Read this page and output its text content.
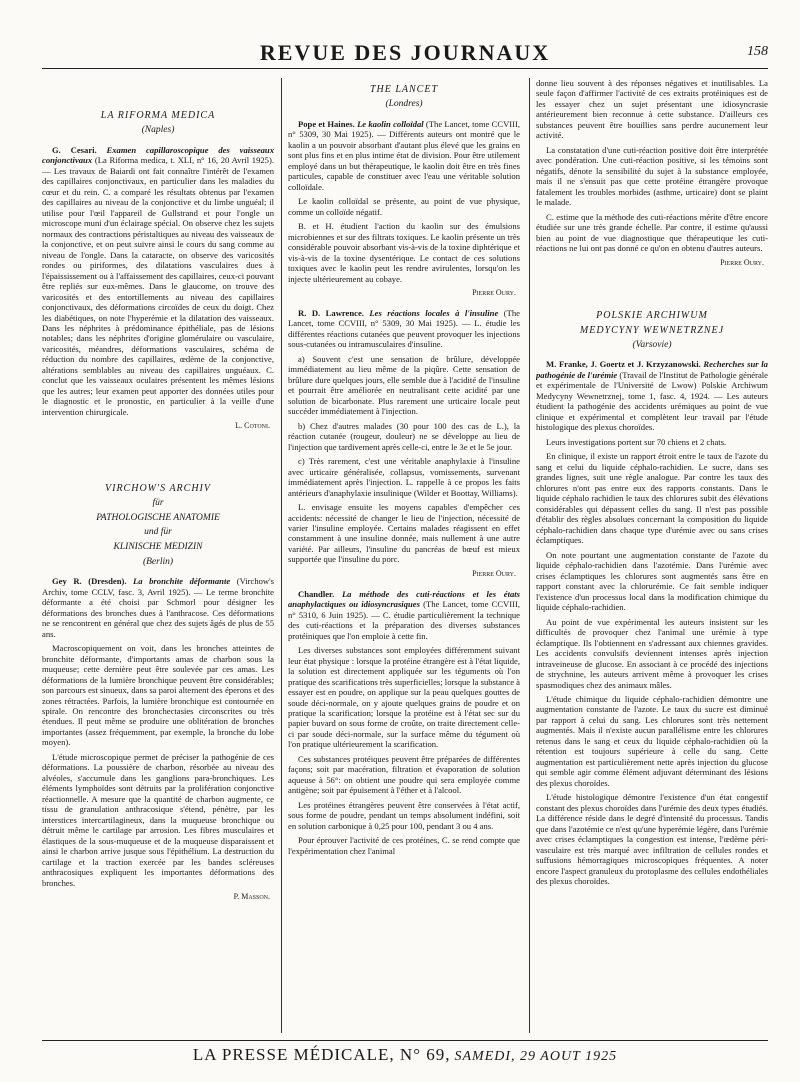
REVUE DES JOURNAUX	158
LA RIFORMA MEDICA
(Naples)

G. Cesari. Examen capillaroscopique des vaisseaux conjonctivaux (La Riforma medica, t. XLI, n° 16, 20 Avril 1925). — Les travaux de Baiardi ont fait connaître l'intérêt de l'examen des capillaires conjonctivaux, en particulier dans les maladies du cœur et du rein. C. a comparé les résultats obtenus par l'examen des capillaires au niveau de la conjonctive et du limbe unguéal; il utilise pour l'œil l'appareil de Gullstrand et pour l'ongle un microscope muni d'un éclairage spécial. On observe chez les sujets normaux des contractions péristaltiques au niveau des vaisseaux de la conjonctive, et on peut suivre ainsi le cours du sang comme au niveau de l'ongle. Dans la cataracte, on observe des varicosités rondes ou piriformes, des dilatations vasculaires dues à l'épaississement ou à l'affaissement des capillaires, ceux-ci pouvant être repliés sur eux-mêmes. Dans le glaucome, on trouve des varicosités et des entortillements au niveau des capillaires conjonctivaux, des déformations circoïdes de ceux du doigt. Chez les diabétiques, on note l'hyperémie et la dilatation des vaisseaux. Dans les néphrites à prédominance épithéliale, pas de lésions notables; dans les néphrites d'origine glomérulaire ou vasculaire, varicosités, méandres, déformations vasculaires, schéma de réduction du nombre des capillaires, œdème de la conjonctive, altérations semblables au niveau des capillaires unguéaux. C. conclut que les vaisseaux oculaires présentent les mêmes lésions que les autres; leur examen peut apporter des données utiles pour le diagnostic et le pronostic, en particulier à la veille d'une intervention chirurgicale.

L. Cotoni.
VIRCHOW'S ARCHIV
für
PATHOLOGISCHE ANATOMIE
und für
KLINISCHE MEDIZIN
(Berlin)

Gey R. (Dresden). La bronchite déformante (Virchow's Archiv, tome CCLV, fasc. 3, Avril 1925). — Le terme bronchite déformante a été choisi par Schmorl pour désigner les déformations des bronches dues à l'anthracose. Ces déformations ne se rencontrent en général que chez des sujets âgés de plus de 55 ans.

Macroscopiquement on voit, dans les bronches atteintes de bronchite déformante, d'importants amas de charbon sous la muqueuse; cette dernière peut être soulevée par ces amas. Les déformations de la lumière bronchique peuvent être considérables; son parcours est sinueux, dans sa paroi alternent des éperons et des zones rétractées. Parfois, la lumière bronchique est contournée en spirale. On rencontre des bronchectasies circonscrites ou très étendues. Il peut même se produire une oblitération de bronches importantes (assez fréquemment, par exemple, la bronche du lobe moyen).

L'étude microscopique permet de préciser la pathogénie de ces déformations. La poussière de charbon, résorbée au niveau des alvéoles, s'accumule dans les ganglions para-bronchiques. Les éléments lymphoïdes sont détruits par la prolifération conjonctive réactionnelle. A mesure que la quantité de charbon augmente, ce tissu de granulation anthracosique s'étend, pénètre, par les interstices intercartilagineux, dans la muqueuse bronchique ou détruit même le cartilage par arrosion. Les fibres musculaires et élastiques de la sous-muqueuse et de la muqueuse disparaissent et ainsi le charbon arrive jusque sous l'épithélium. La destruction du cartilage et la traction exercée par les bandes scléreuses anthracosiques expliquent les importantes déformations des bronches.

P. Masson.
THE LANCET
(Londres)

Pope et Haines. Le kaolin colloïdal (The Lancet, tome CCVIII, n° 5309, 30 Mai 1925). — Différents auteurs ont montré que le kaolin a un pouvoir absorbant d'autant plus élevé que les grains en sont plus fins et en plus intime état de division. Pour être utilement employé dans un but thérapeutique, le kaolin doit être en très fines particules, capable de constituer avec l'eau une véritable solution colloïdale.

Le kaolin colloïdal se présente, au point de vue physique, comme un colloïde négatif.

B. et H. étudient l'action du kaolin sur des émulsions microbiennes et sur des filtrats toxiques. Le kaolin présente un très considérable pouvoir absorbant vis-à-vis de la toxine diphtérique et vis-à-vis de la toxine dysentérique. Le contact de ces solutions toxiques avec le kaolin peut les rendre avirulentes, lorsqu'on les injecte ultérieurement au cobaye.

Pierre Oury.

R. D. Lawrence. Les réactions locales à l'insuline (The Lancet, tome CCVIII, n° 5309, 30 Mai 1925). — L. étudie les différentes réactions cutanées que peuvent provoquer les injections sous-cutanées ou intramusculaires d'insuline.

a) Souvent c'est une sensation de brûlure, développée immédiatement au lieu même de la piqûre. Cette sensation de brûlure dure quelques jours, elle semble due à l'acidité de l'insuline et pourrait être améliorée en neutralisant cette acidité par une solution de bicarbonate. Plus rarement une urticaire locale peut succéder immédiatement à l'injection.

b) Chez d'autres malades (30 pour 100 des cas de L.), la réaction cutanée (rougeur, douleur) ne se développe au lieu de l'injection que tardivement après celle-ci, entre le 3e et le 5e jour.

c) Très rarement, c'est une véritable anaphylaxie à l'insuline avec urticaire généralisée, collapsus, vomissements, survenant immédiatement après l'injection. L. rappelle à ce propos les faits antérieurs d'anaphylaxie insulinique (Wilder et Boottay, Williams).

L. envisage ensuite les moyens capables d'empêcher ces accidents: nécessité de changer le lieu de l'injection, nécessité de varier l'insuline employée. Certains malades réagissent en effet constamment à une insuline donnée, mais nullement à une autre variété. Par ailleurs, l'insuline du pancréas de bœuf est mieux supportée que l'insuline du porc.

Pierre Oury.

Chandler. La méthode des cuti-réactions et les états anaphylactiques ou idiosyncrasiques (The Lancet, tome CCVIII, n° 5310, 6 Juin 1925). — C. étudie particulièrement la technique des cuti-réactions et la préparation des diverses substances protéiniques que l'on emploie à cette fin.

Les diverses substances sont employées différemment suivant leur état physique : lorsque la protéine étrangère est à l'état liquide, la solution est directement appliquée sur les téguments où l'on pratique des scarifications très superficielles; lorsque la substance à essayer est en poudre, on applique sur la peau quelques gouttes de soude déci-normale, on y ajoute quelques grains de poudre et on pratique la scarification; lorsque la protéine est à l'état sec sur du papier buvard on sous forme de croûte, on traite directement celle-ci par soude déci-normale, sur la surface même du tégument où l'on pratique ultérieurement la scarification.

Ces substances protéiques peuvent être préparées de différentes façons; soit par macération, filtration et évaporation de solution aqueuse à 56°: on obtient une poudre qui sera employée comme antigène; soit par épuisement à l'éther et à l'alcool.

Les protéines étrangères peuvent être conservées à l'état actif, sous forme de poudre, pendant un temps absolument indéfini, soit en solution carbonique à 0,25 pour 100, pendant 3 ou 4 ans.

Pour éprouver l'activité de ces protéines, C. se rend compte que l'expérimentation chez l'animal

donne lieu souvent à des réponses négatives et inutilisables. La seule façon d'affirmer l'activité de ces extraits protéiniques est de les essayer chez un sujet présentant une idiosyncrasie antérieurement bien reconnue à cette substance. D'ailleurs ces substances peuvent être bouillies sans perdre aucunement leur activité.

La constatation d'une cuti-réaction positive doit être interprétée avec pondération. Une cuti-réaction positive, si les témoins sont négatifs, dénote la sensibilité du sujet à la substance employée, mais il ne s'ensuit pas que cette protéine étrangère provoque fatalement les troubles morbides (asthme, urticaire) dont se plaint le malade.

C. estime que la méthode des cuti-réactions mérite d'être encore étudiée sur une très grande échelle. Par contre, il estime qu'aussi bien au point de vue diagnostique que thérapeutique les cuti-réactions ne lui ont pas donné ce qu'on en obtenu d'autres auteurs.

Pierre Oury.
POLSKIE ARCHIWUM
MEDYCYNY WEWNETRZNEJ
(Varsovie)

M. Franke, J. Goertz et J. Krzyzanowski. Recherches sur la pathogénie de l'urémie (Travail de l'Institut de Pathologie générale et expérimentale de l'Université de Lwow) Polskie Archiwum Medycyny Wewnetrznej, tome 1, fasc. 4, 1924. — Les auteurs étudient la pathogénie des accidents urémiques au point de vue clinique et expérimental et complètent leur travail par l'étude histologique des plexus choroïdes.

Leurs investigations portent sur 70 chiens et 2 chats.

En clinique, il existe un rapport étroit entre le taux de l'azote du sang et celui du liquide céphalo-rachidien. Le sucre, dans ses grandes lignes, suit une règle analogue. Par contre les taux des chlorures n'ont pas entre eux des rapports constants. Dans le liquide céphalo rachidien le taux des chlorures subit des élévations considérables qui dépassent celles du sang. Il n'est pas possible d'établir des règles absolues concernant la composition du liquide céphalo-rachidien dans chaque type d'urémie avec ou sans crises éclamptiques.

On note pourtant une augmentation constante de l'azote du liquide céphalo-rachidien dans l'azotémie. Dans l'urémie avec crises éclamptiques les chlorures sont augmentés sans être en rapport constant avec la chlorurémie. Ce fait semble indiquer l'existence d'un processus local dans la modification chimique du liquide céphalo-rachidien.

Au point de vue expérimental les auteurs insistent sur les difficultés de provoquer chez l'animal une urémie à type éclamptique. Ils l'obtiennent en s'adressant aux chiennes gravides. Les accidents convulsifs deviennent intenses après injection intraveineuse de glucose. En associant à ce procédé des injections de strychnine, les auteurs arrivent même à provoquer les crises spasmodiques chez des animaux mâles.

L'étude chimique du liquide céphalo-rachidien démontre une augmentation constante de l'azote. Le taux du sucre est diminué par rapport à celui du sang. Les chlorures sont très nettement augmentés. Mais il n'existe aucun parallélisme entre les chlorures retenus dans le sang et ceux du liquide céphalo-rachidien où la rétention est toujours supérieure à celle du sang. Cette augmentation est particulièrement nette après injection du glucose qui semble agir comme élément adjuvant déterminant des lésions des plexus choroïdes.

L'étude histologique démontre l'existence d'un état congestif constant des plexus choroïdes dans l'urémie des deux types étudiés. La différence réside dans le degré d'intensité du processus. Tandis que dans l'azotémie ce n'est qu'une hyperémie légère, dans l'urémie avec crises éclamptiques la congestion est intense, l'œdème péri-vasculaire est très marqué avec infiltration de cellules rondes et suffusions hémorragiques microscopiques fréquentes. A noter encore l'aspect granuleux du protoplasme des cellules endothéliales des plexus choroïdes.

LA PRESSE MÉDICALE, N° 69, SAMEDI, 29 AOUT 1925
